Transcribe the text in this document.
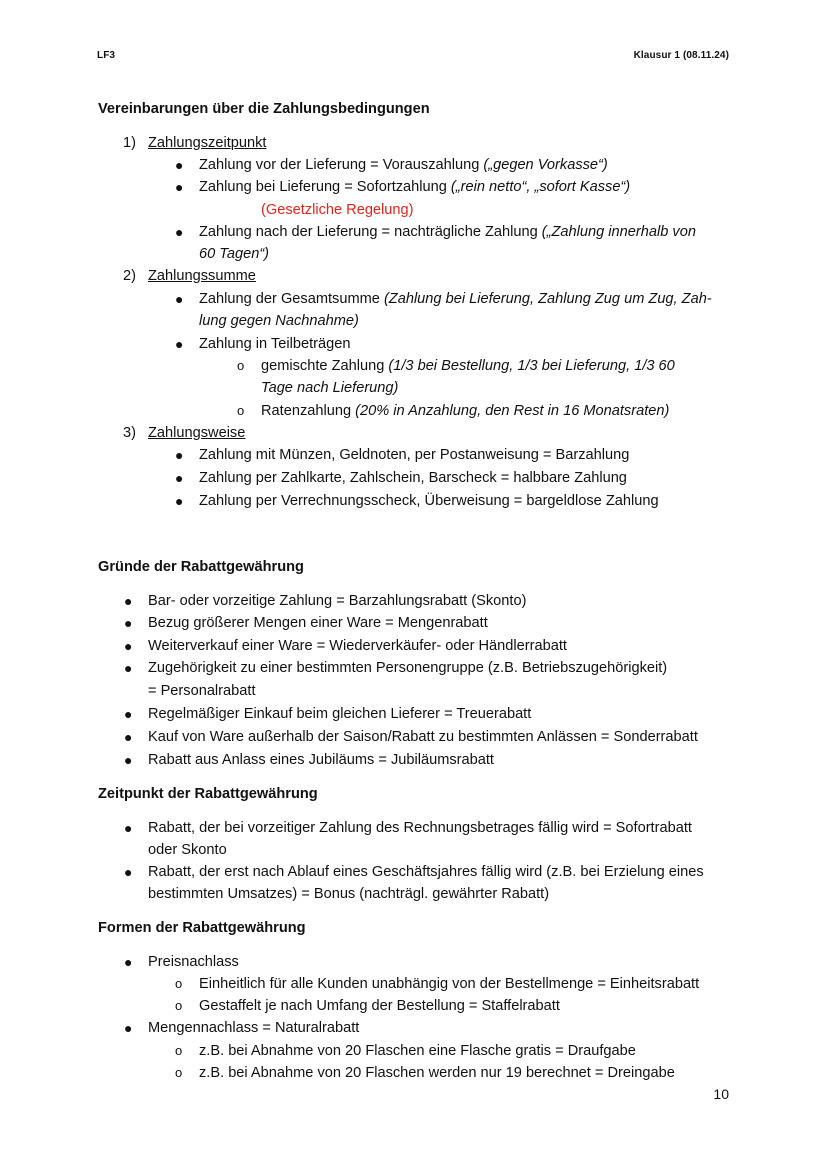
LF3	Klausur 1 (08.11.24)
Vereinbarungen über die Zahlungsbedingungen
1) Zahlungszeitpunkt
● Zahlung vor der Lieferung = Vorauszahlung („gegen Vorkasse“)
● Zahlung bei Lieferung = Sofortzahlung („rein netto“, „sofort Kasse“)
(Gesetzliche Regelung)
● Zahlung nach der Lieferung = nachträgliche Zahlung („Zahlung innerhalb von
60 Tagen“)
2) Zahlungssumme
● Zahlung der Gesamtsumme (Zahlung bei Lieferung, Zahlung Zug um Zug, Zah-
lung gegen Nachnahme)
● Zahlung in Teilbeträgen
o gemischte Zahlung (1/3 bei Bestellung, 1/3 bei Lieferung, 1/3 60
Tage nach Lieferung)
o Ratenzahlung (20% in Anzahlung, den Rest in 16 Monatsraten)
3) Zahlungsweise
● Zahlung mit Münzen, Geldnoten, per Postanweisung = Barzahlung
● Zahlung per Zahlkarte, Zahlschein, Barscheck = halbbare Zahlung
● Zahlung per Verrechnungsscheck, Überweisung = bargeldlose Zahlung
Gründe der Rabattgewährung
● Bar- oder vorzeitige Zahlung = Barzahlungsrabatt (Skonto)
● Bezug größerer Mengen einer Ware = Mengenrabatt
● Weiterverkauf einer Ware = Wiederverkäufer- oder Händlerrabatt
● Zugehörigkeit zu einer bestimmten Personengruppe (z.B. Betriebszugehörigkeit)
= Personalrabatt
● Regelmäßiger Einkauf beim gleichen Lieferer = Treuerabatt
● Kauf von Ware außerhalb der Saison/Rabatt zu bestimmten Anlässen = Sonderrabatt
● Rabatt aus Anlass eines Jubiläums = Jubiläumsrabatt
Zeitpunkt der Rabattgewährung
● Rabatt, der bei vorzeitiger Zahlung des Rechnungsbetrages fällig wird = Sofortrabatt
oder Skonto
● Rabatt, der erst nach Ablauf eines Geschäftsjahres fällig wird (z.B. bei Erzielung eines
bestimmten Umsatzes) = Bonus (nachträgl. gewährter Rabatt)
Formen der Rabattgewährung
● Preisnachlass
o Einheitlich für alle Kunden unabhängig von der Bestellmenge = Einheitsrabatt
o Gestaffelt je nach Umfang der Bestellung = Staffelrabatt
● Mengennachlass = Naturalrabatt
o z.B. bei Abnahme von 20 Flaschen eine Flasche gratis = Draufgabe
o z.B. bei Abnahme von 20 Flaschen werden nur 19 berechnet = Dreingabe
10
